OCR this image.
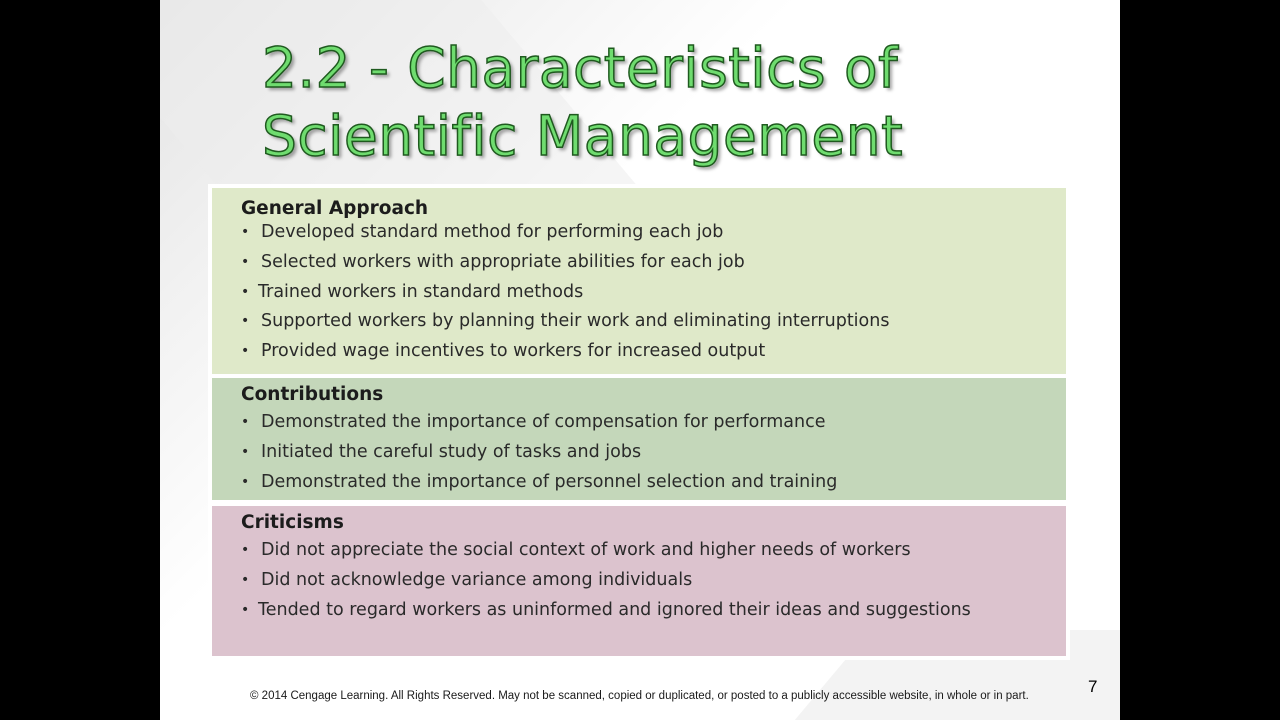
2.2 - Characteristics of
Scientific Management
General Approach
• Developed standard method for performing each job
• Selected workers with appropriate abilities for each job
• Trained workers in standard methods
• Supported workers by planning their work and eliminating interruptions
• Provided wage incentives to workers for increased output
Contributions
• Demonstrated the importance of compensation for performance
• Initiated the careful study of tasks and jobs
• Demonstrated the importance of personnel selection and training
Criticisms
• Did not appreciate the social context of work and higher needs of workers
• Did not acknowledge variance among individuals
• Tended to regard workers as uninformed and ignored their ideas and suggestions
© 2014 Cengage Learning. All Rights Reserved. May not be scanned, copied or duplicated, or posted to a publicly accessible website, in whole or in part.	7
